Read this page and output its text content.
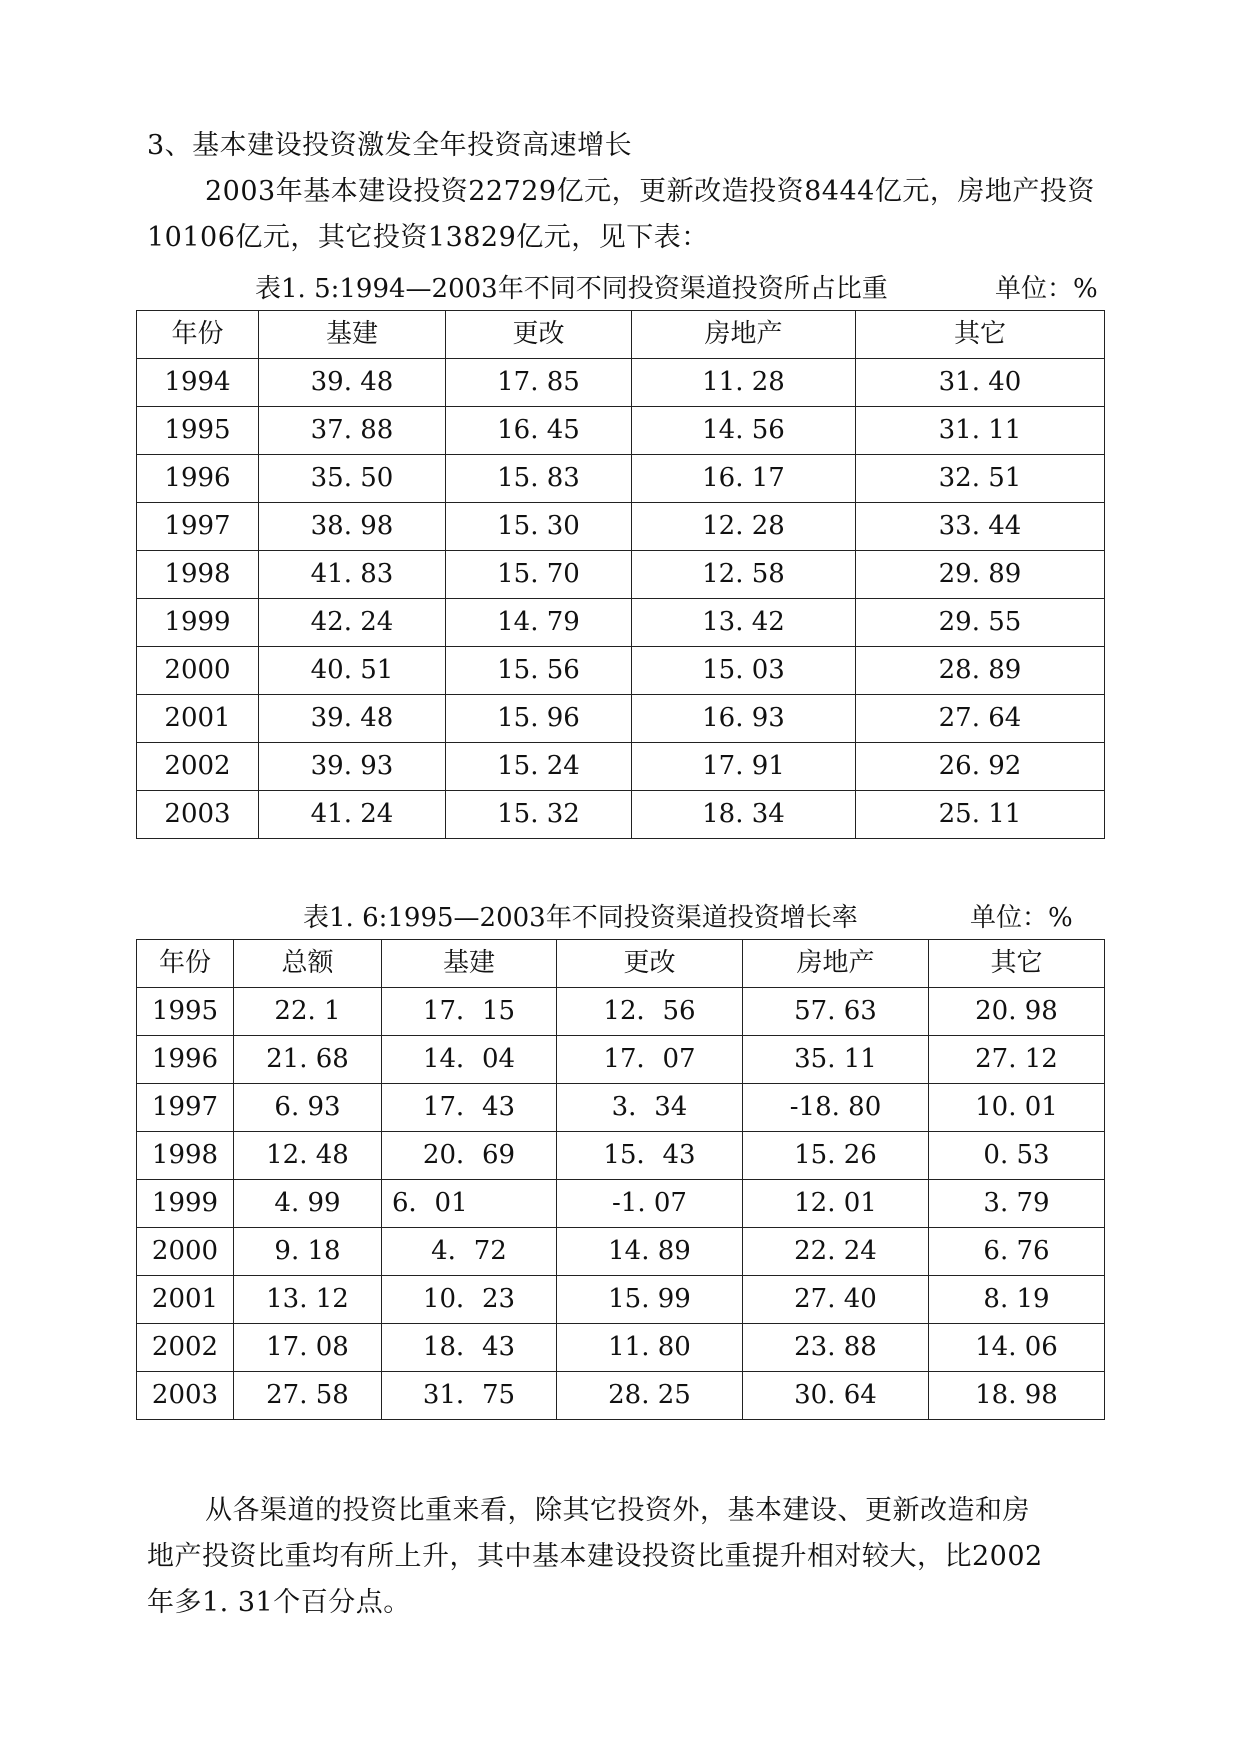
3、基本建设投资激发全年投资高速增长
2003年基本建设投资22729亿元，更新改造投资8444亿元，房地产投资
10106亿元，其它投资13829亿元，见下表：
表1. 5:1994—2003年不同不同投资渠道投资所占比重	单位：%
年份	基建	更改	房地产	其它
1994	39. 48	17. 85	11. 28	31. 40
1995	37. 88	16. 45	14. 56	31. 11
1996	35. 50	15. 83	16. 17	32. 51
1997	38. 98	15. 30	12. 28	33. 44
1998	41. 83	15. 70	12. 58	29. 89
1999	42. 24	14. 79	13. 42	29. 55
2000	40. 51	15. 56	15. 03	28. 89
2001	39. 48	15. 96	16. 93	27. 64
2002	39. 93	15. 24	17. 91	26. 92
2003	41. 24	15. 32	18. 34	25. 11
表1. 6:1995—2003年不同投资渠道投资增长率	单位：%
年份	总额	基建	更改	房地产	其它
1995	22. 1	17．15	12．56	57. 63	20. 98
1996	21. 68	14．04	17．07	35. 11	27. 12
1997	6. 93	17．43	3．34	-18. 80	10. 01
1998	12. 48	20．69	15．43	15. 26	0. 53
1999	4. 99	6．01	-1. 07	12. 01	3. 79
2000	9. 18	4．72	14. 89	22. 24	6. 76
2001	13. 12	10．23	15. 99	27. 40	8. 19
2002	17. 08	18．43	11. 80	23. 88	14. 06
2003	27. 58	31．75	28. 25	30. 64	18. 98
从各渠道的投资比重来看，除其它投资外，基本建设、更新改造和房
地产投资比重均有所上升，其中基本建设投资比重提升相对较大，比2002
年多1. 31个百分点。
